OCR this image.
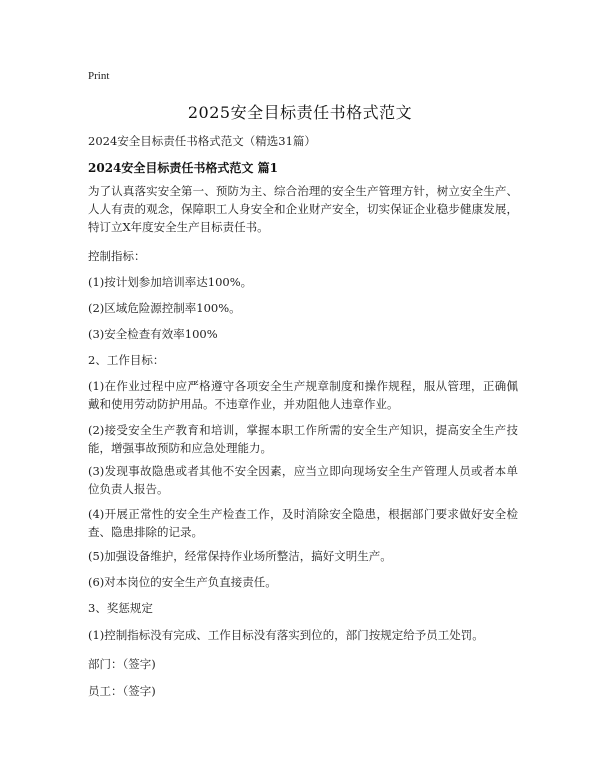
Print
2025安全目标责任书格式范文
2024安全目标责任书格式范文（精选31篇）
2024安全目标责任书格式范文 篇1
为了认真落实安全第一、预防为主、综合治理的安全生产管理方针，树立安全生产、人人有责的观念，保障职工人身安全和企业财产安全，切实保证企业稳步健康发展，特订立X年度安全生产目标责任书。
控制指标：
(1)按计划参加培训率达100%。
(2)区域危险源控制率100%。
(3)安全检查有效率100%
2、工作目标：
(1)在作业过程中应严格遵守各项安全生产规章制度和操作规程，服从管理，正确佩戴和使用劳动防护用品。不违章作业，并劝阻他人违章作业。
(2)接受安全生产教育和培训，掌握本职工作所需的安全生产知识，提高安全生产技能，增强事故预防和应急处理能力。
(3)发现事故隐患或者其他不安全因素，应当立即向现场安全生产管理人员或者本单位负责人报告。
(4)开展正常性的安全生产检查工作，及时消除安全隐患，根据部门要求做好安全检查、隐患排除的记录。
(5)加强设备维护，经常保持作业场所整洁，搞好文明生产。
(6)对本岗位的安全生产负直接责任。
3、奖惩规定
(1)控制指标没有完成、工作目标没有落实到位的，部门按规定给予员工处罚。
部门：（签字)
员工：（签字)
